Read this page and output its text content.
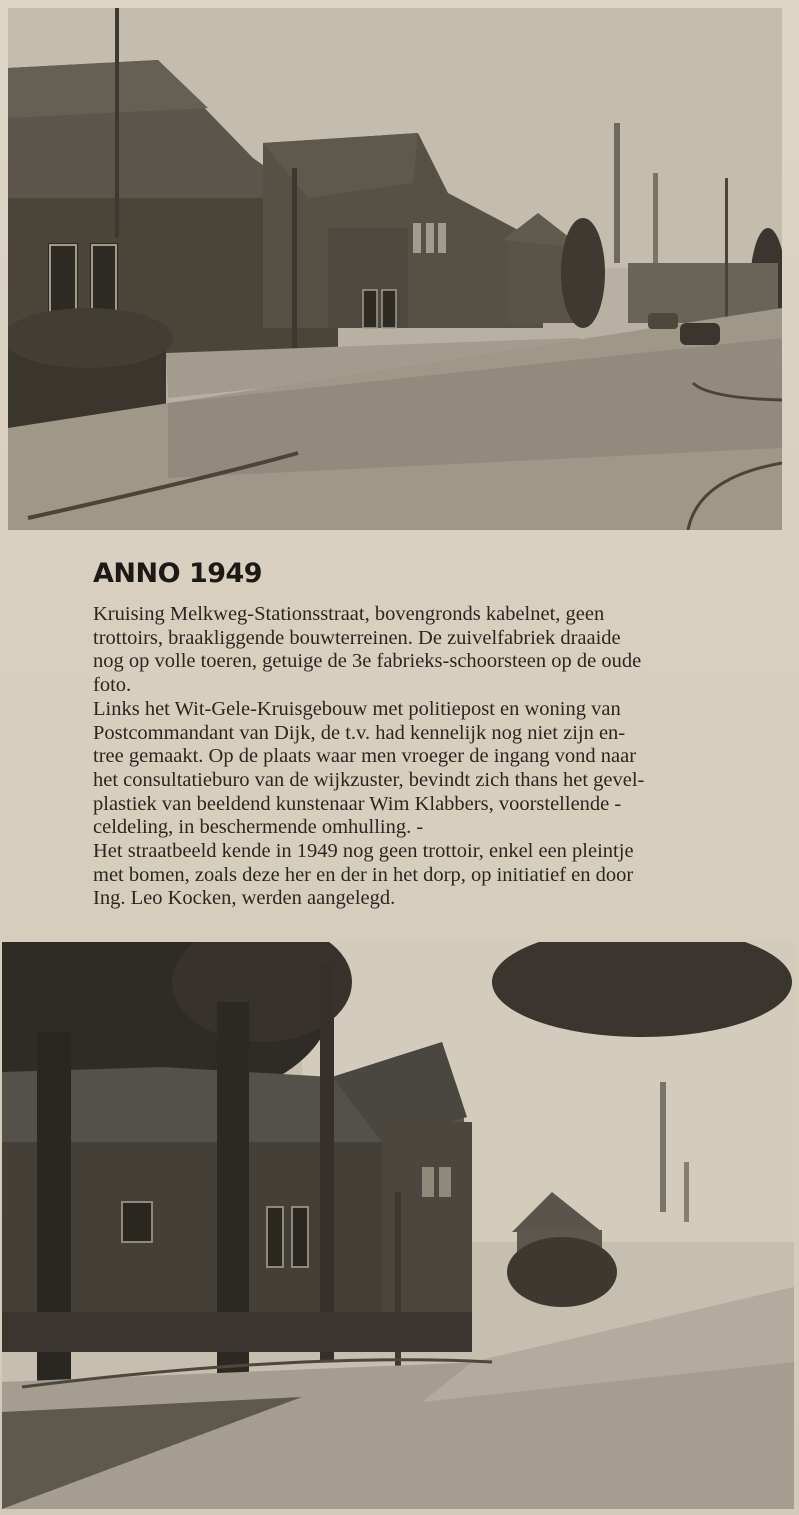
ANNO 1949

Kruising Melkweg-Stationsstraat, bovengronds kabelnet, geen
trottoirs, braakliggende bouwterreinen. De zuivelfabriek draaide
nog op volle toeren, getuige de 3e fabrieks-schoorsteen op de oude
foto.
Links het Wit-Gele-Kruisgebouw met politiepost en woning van
Postcommandant van Dijk, de t.v. had kennelijk nog niet zijn en-
tree gemaakt. Op de plaats waar men vroeger de ingang vond naar
het consultatieburo van de wijkzuster, bevindt zich thans het gevel-
plastiek van beeldend kunstenaar Wim Klabbers, voorstellende -
celdeling, in beschermende omhulling. -
Het straatbeeld kende in 1949 nog geen trottoir, enkel een pleintje
met bomen, zoals deze her en der in het dorp, op initiatief en door
Ing. Leo Kocken, werden aangelegd.
